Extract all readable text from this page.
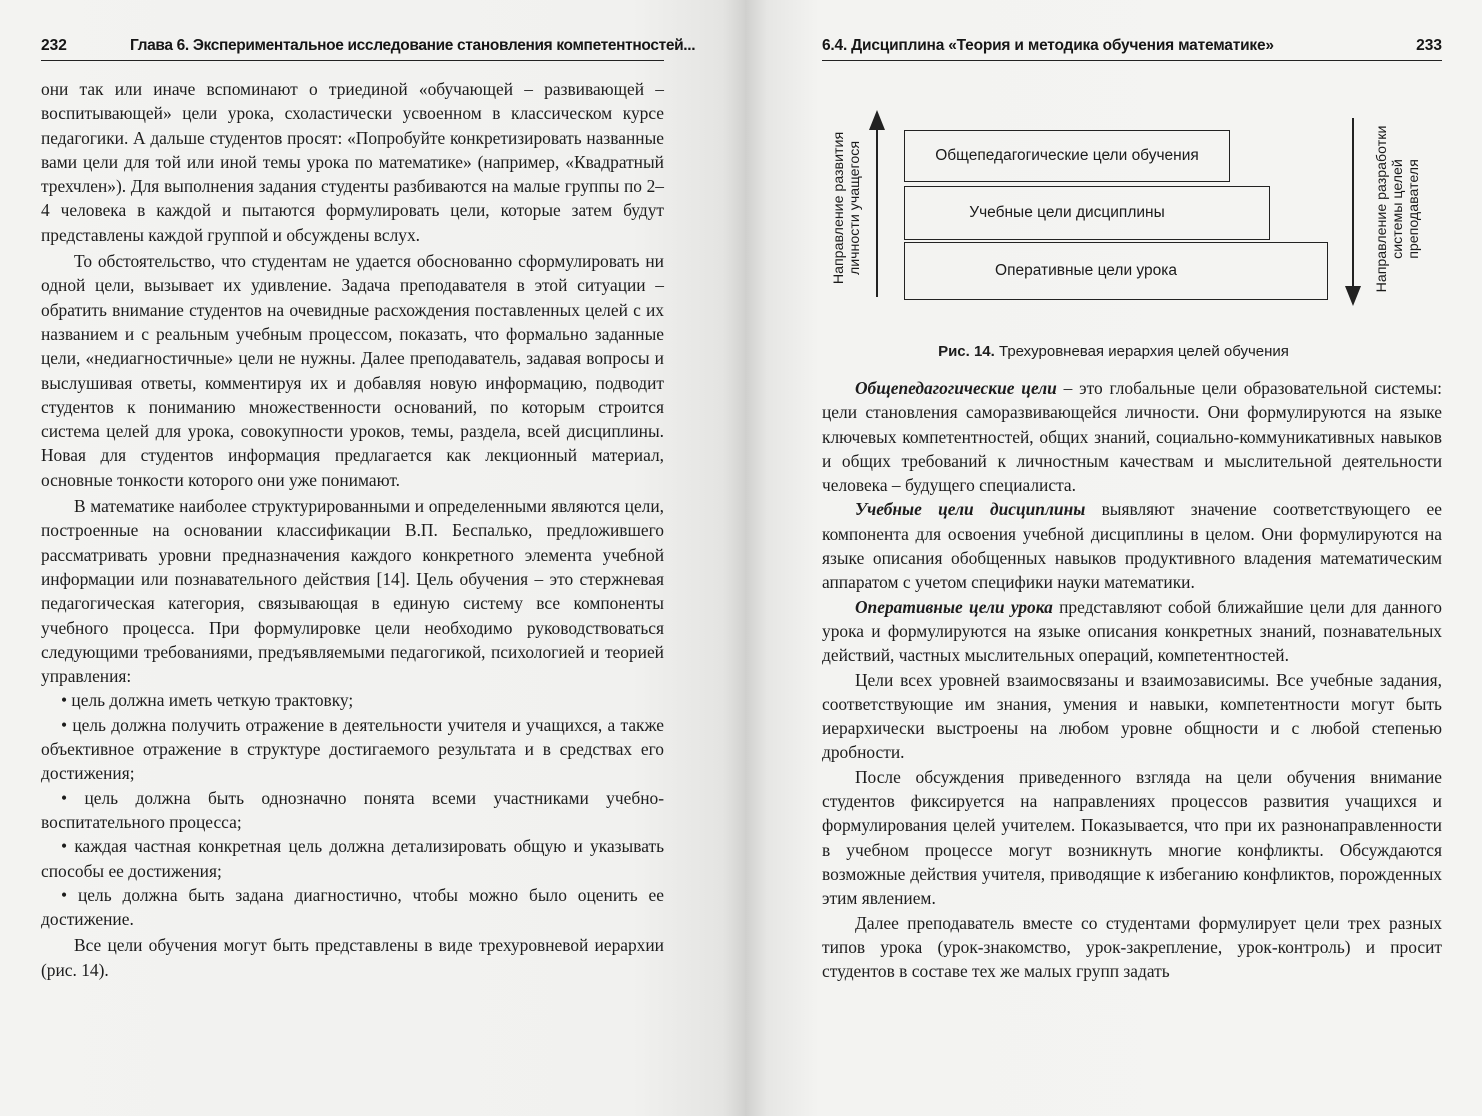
232	Глава 6. Экспериментальное исследование становления компетентностей...

они так или иначе вспоминают о триединой «обучающей – развивающей – воспитывающей» цели урока, схоластически усвоенном в классическом курсе педагогики. А дальше студентов просят: «Попробуйте конкретизировать названные вами цели для той или иной темы урока по математике» (например, «Квадратный трехчлен»). Для выполнения задания студенты разбиваются на малые группы по 2–4 человека в каждой и пытаются формулировать цели, которые затем будут представлены каждой группой и обсуждены вслух.

То обстоятельство, что студентам не удается обоснованно сформулировать ни одной цели, вызывает их удивление. Задача преподавателя в этой ситуации – обратить внимание студентов на очевидные расхождения поставленных целей с их названием и с реальным учебным процессом, показать, что формально заданные цели, «недиагностичные» цели не нужны. Далее преподаватель, задавая вопросы и выслушивая ответы, комментируя их и добавляя новую информацию, подводит студентов к пониманию множественности оснований, по которым строится система целей для урока, совокупности уроков, темы, раздела, всей дисциплины. Новая для студентов информация предлагается как лекционный материал, основные тонкости которого они уже понимают.

В математике наиболее структурированными и определенными являются цели, построенные на основании классификации В.П. Беспалько, предложившего рассматривать уровни предназначения каждого конкретного элемента учебной информации или познавательного действия [14]. Цель обучения – это стержневая педагогическая категория, связывающая в единую систему все компоненты учебного процесса. При формулировке цели необходимо руководствоваться следующими требованиями, предъявляемыми педагогикой, психологией и теорией управления:

• цель должна иметь четкую трактовку;

• цель должна получить отражение в деятельности учителя и учащихся, а также объективное отражение в структуре достигаемого результата и в средствах его достижения;

• цель должна быть однозначно понята всеми участниками учебно-воспитательного процесса;

• каждая частная конкретная цель должна детализировать общую и указывать способы ее достижения;

• цель должна быть задана диагностично, чтобы можно было оценить ее достижение.

Все цели обучения могут быть представлены в виде трехуровневой иерархии (рис. 14).

6.4. Дисциплина «Теория и методика обучения математике»	233

Общепедагогические цели – это глобальные цели образовательной системы: цели становления саморазвивающейся личности. Они формулируются на языке ключевых компетентностей, общих знаний, социально-коммуникативных навыков и общих требований к личностным качествам и мыслительной деятельности человека – будущего специалиста.

Учебные цели дисциплины выявляют значение соответствующего ее компонента для освоения учебной дисциплины в целом. Они формулируются на языке описания обобщенных навыков продуктивного владения математическим аппаратом с учетом специфики науки математики.

Оперативные цели урока представляют собой ближайшие цели для данного урока и формулируются на языке описания конкретных знаний, познавательных действий, частных мыслительных операций, компетентностей.

Цели всех уровней взаимосвязаны и взаимозависимы. Все учебные задания, соответствующие им знания, умения и навыки, компетентности могут быть иерархически выстроены на любом уровне общности и с любой степенью дробности.

После обсуждения приведенного взгляда на цели обучения внимание студентов фиксируется на направлениях процессов развития учащихся и формулирования целей учителем. Показывается, что при их разнонаправленности в учебном процессе могут возникнуть многие конфликты. Обсуждаются возможные действия учителя, приводящие к избеганию конфликтов, порожденных этим явлением.

Далее преподаватель вместе со студентами формулирует цели трех разных типов урока (урок-знакомство, урок-закрепление, урок-контроль) и просит студентов в составе тех же малых групп задать

Направление развития личности учащегося	Направление разработки системы целей преподавателя
Общепедагогические цели обучения
Учебные цели дисциплины
Оперативные цели урока
Рис. 14. Трехуровневая иерархия целей обучения
